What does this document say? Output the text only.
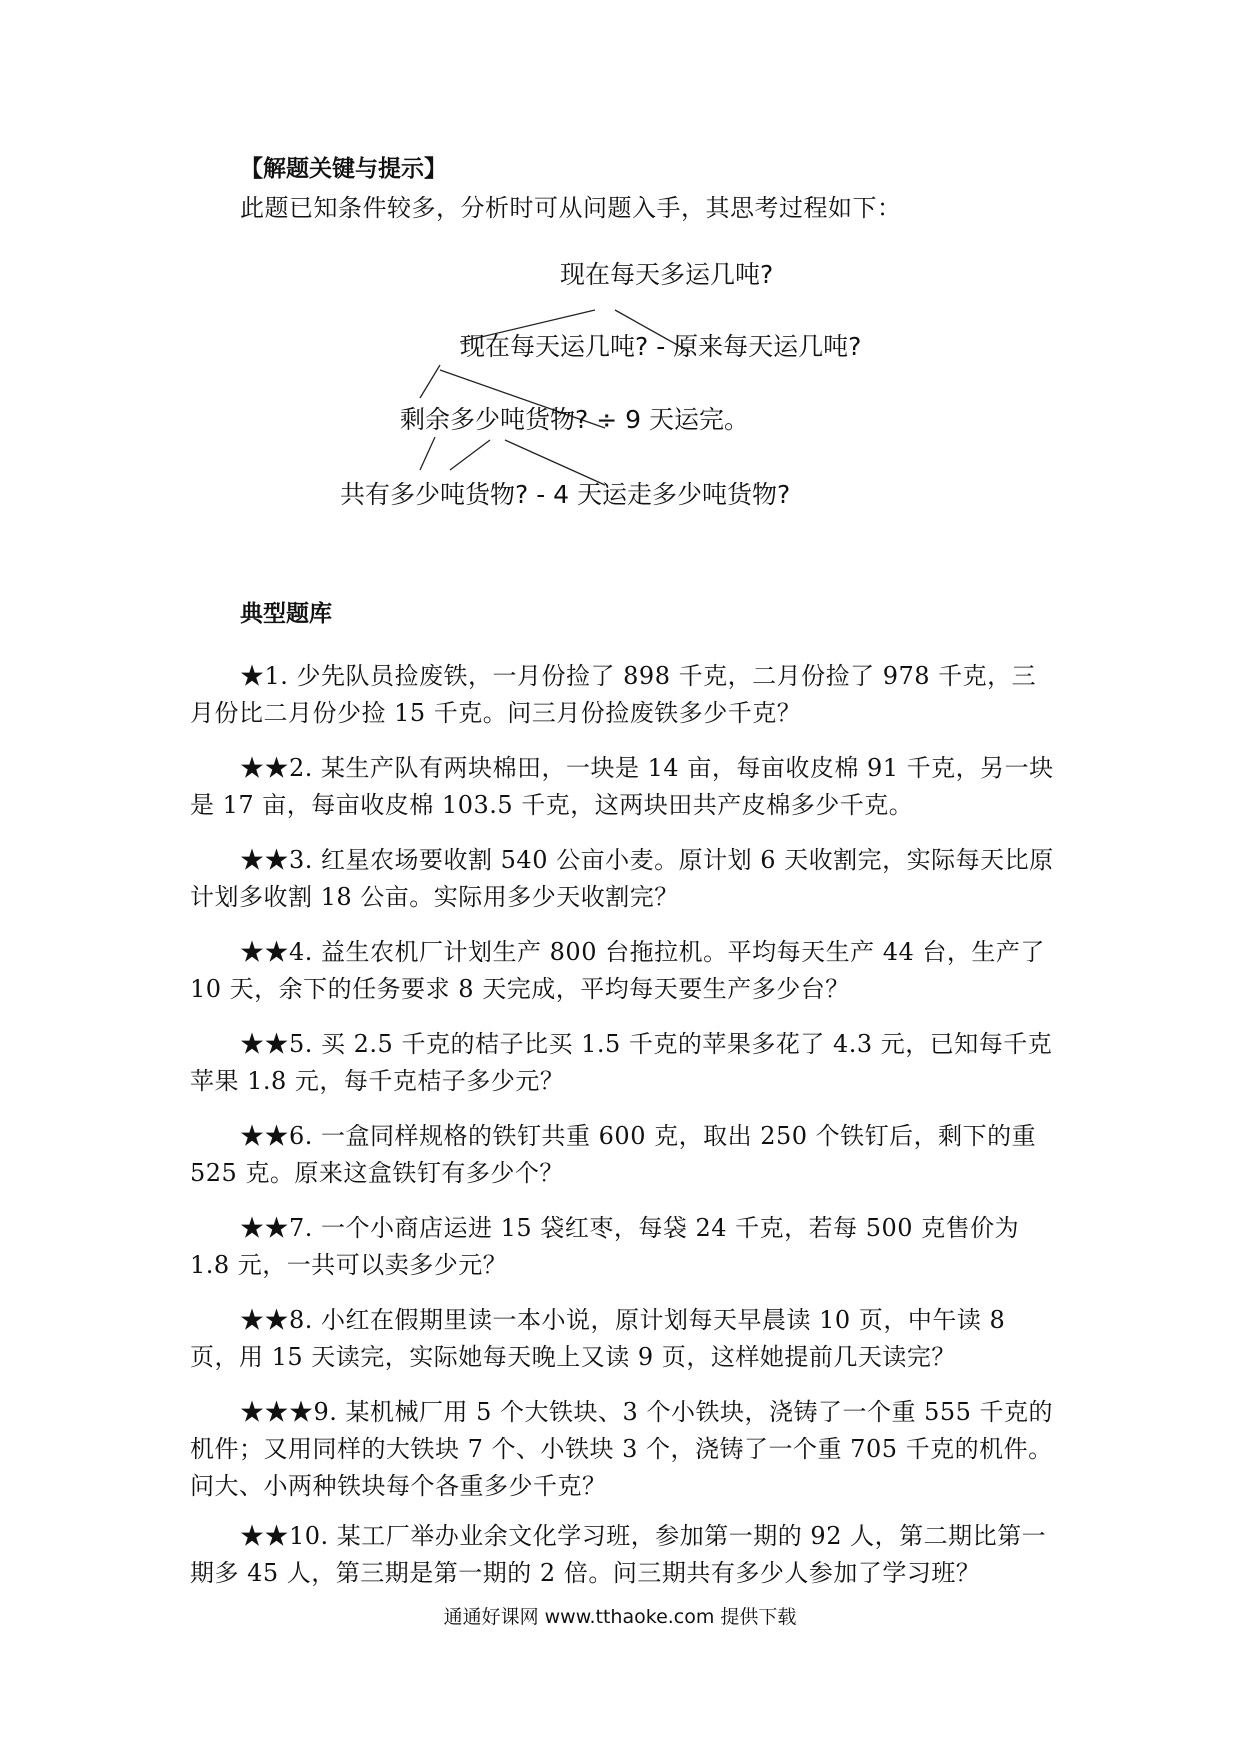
【解题关键与提示】

此题已知条件较多，分析时可从问题入手，其思考过程如下：

现在每天多运几吨?
现在每天运几吨? - 原来每天运几吨?
剩余多少吨货物? ÷ 9 天运完。
共有多少吨货物? - 4 天运走多少吨货物?
典型题库

★1. 少先队员捡废铁，一月份捡了 898 千克，二月份捡了 978 千克，三月份比二月份少捡 15 千克。问三月份捡废铁多少千克？

★★2. 某生产队有两块棉田，一块是 14 亩，每亩收皮棉 91 千克，另一块是 17 亩，每亩收皮棉 103.5 千克，这两块田共产皮棉多少千克。

★★3. 红星农场要收割 540 公亩小麦。原计划 6 天收割完，实际每天比原计划多收割 18 公亩。实际用多少天收割完？

★★4. 益生农机厂计划生产 800 台拖拉机。平均每天生产 44 台，生产了 10 天，余下的任务要求 8 天完成，平均每天要生产多少台？

★★5. 买 2.5 千克的桔子比买 1.5 千克的苹果多花了 4.3 元，已知每千克苹果 1.8 元，每千克桔子多少元？

★★6. 一盒同样规格的铁钉共重 600 克，取出 250 个铁钉后，剩下的重 525 克。原来这盒铁钉有多少个？

★★7. 一个小商店运进 15 袋红枣，每袋 24 千克，若每 500 克售价为 1.8 元，一共可以卖多少元？

★★8. 小红在假期里读一本小说，原计划每天早晨读 10 页，中午读 8 页，用 15 天读完，实际她每天晚上又读 9 页，这样她提前几天读完？

★★★9. 某机械厂用 5 个大铁块、3 个小铁块，浇铸了一个重 555 千克的机件；又用同样的大铁块 7 个、小铁块 3 个，浇铸了一个重 705 千克的机件。问大、小两种铁块每个各重多少千克？

★★10. 某工厂举办业余文化学习班，参加第一期的 92 人，第二期比第一期多 45 人，第三期是第一期的 2 倍。问三期共有多少人参加了学习班？

通通好课网 www.tthaoke.com 提供下载
